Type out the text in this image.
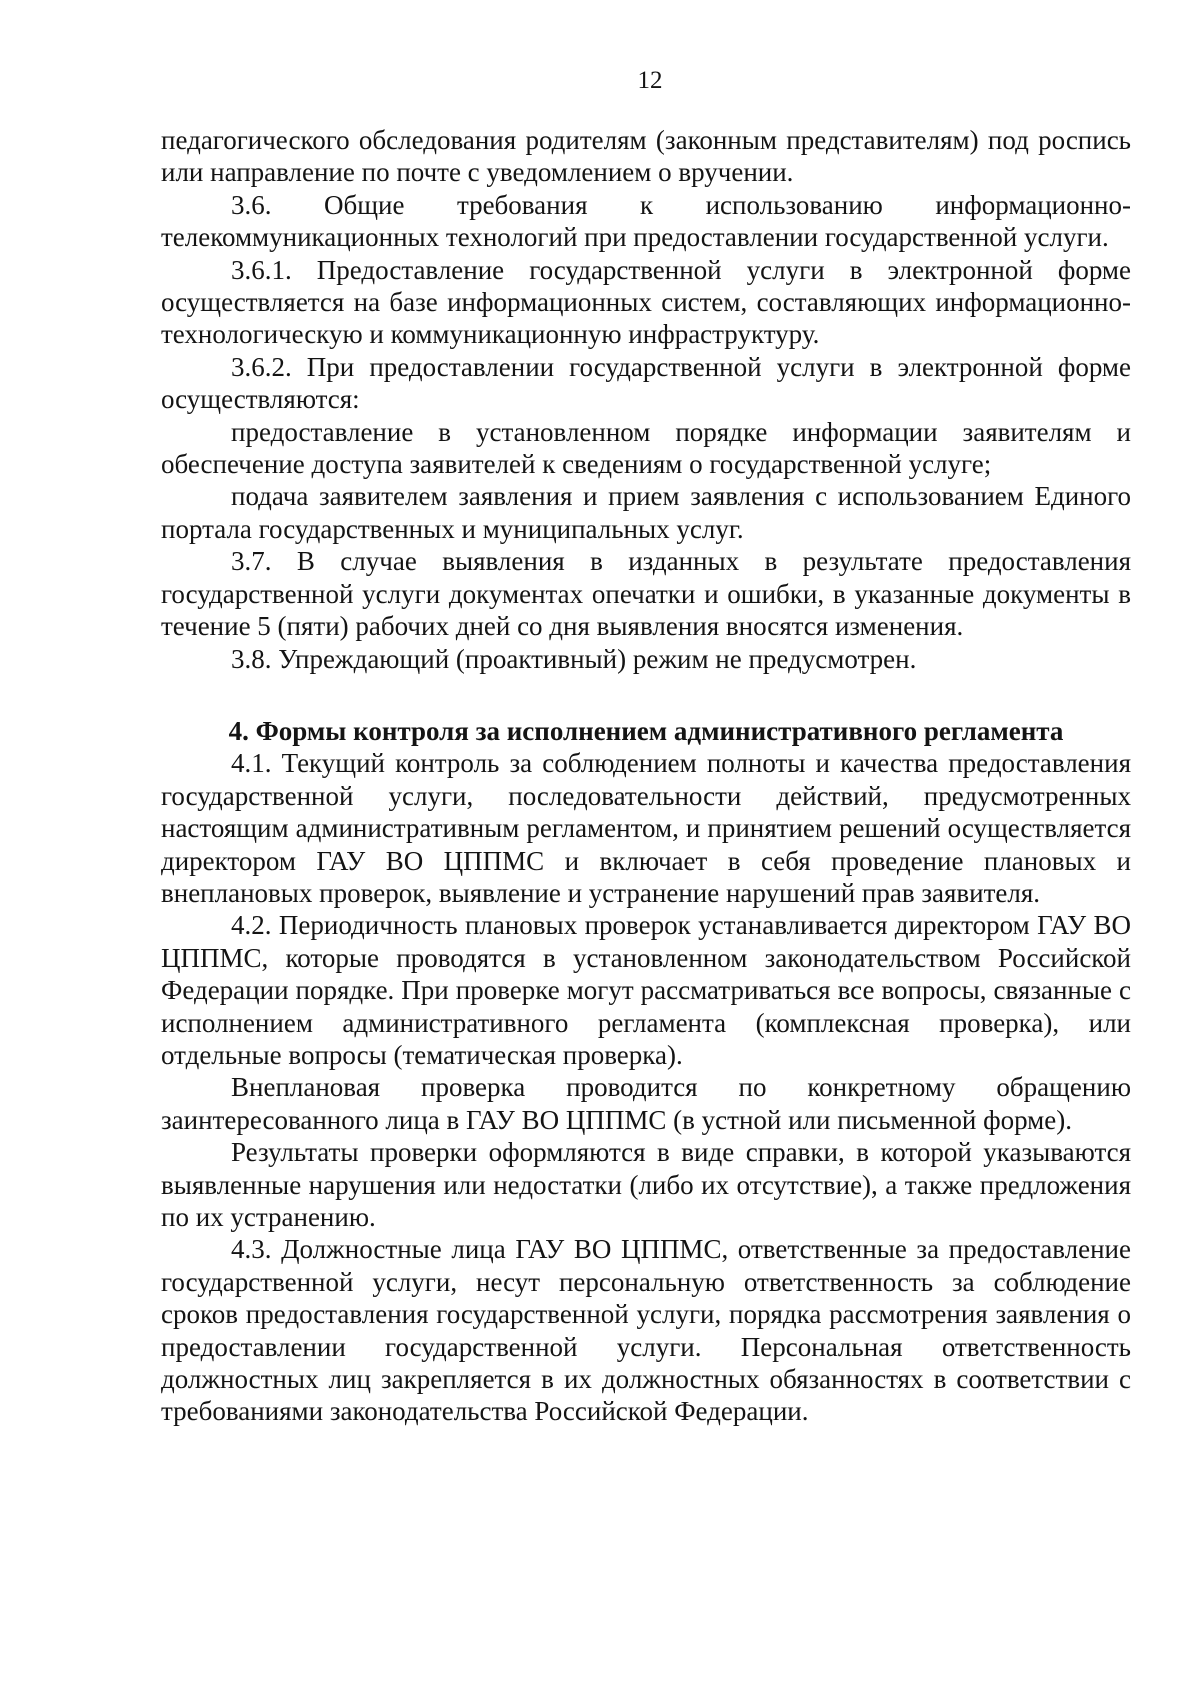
12

педагогического обследования родителям (законным представителям) под роспись или направление по почте с уведомлением о вручении.

3.6. Общие требования к использованию информационно-телекоммуникационных технологий при предоставлении государственной услуги.

3.6.1. Предоставление государственной услуги в электронной форме осуществляется на базе информационных систем, составляющих информационно-технологическую и коммуникационную инфраструктуру.

3.6.2. При предоставлении государственной услуги в электронной форме осуществляются:

предоставление в установленном порядке информации заявителям и обеспечение доступа заявителей к сведениям о государственной услуге;

подача заявителем заявления и прием заявления с использованием Единого портала государственных и муниципальных услуг.

3.7. В случае выявления в изданных в результате предоставления государственной услуги документах опечатки и ошибки, в указанные документы в течение 5 (пяти) рабочих дней со дня выявления вносятся изменения.

3.8. Упреждающий (проактивный) режим не предусмотрен.

4. Формы контроля за исполнением административного регламента

4.1. Текущий контроль за соблюдением полноты и качества предоставления государственной услуги, последовательности действий, предусмотренных настоящим административным регламентом, и принятием решений осуществляется директором ГАУ ВО ЦППМС и включает в себя проведение плановых и внеплановых проверок, выявление и устранение нарушений прав заявителя.

4.2. Периодичность плановых проверок устанавливается директором ГАУ ВО ЦППМС, которые проводятся в установленном законодательством Российской Федерации порядке. При проверке могут рассматриваться все вопросы, связанные с исполнением административного регламента (комплексная проверка), или отдельные вопросы (тематическая проверка).

Внеплановая проверка проводится по конкретному обращению заинтересованного лица в ГАУ ВО ЦППМС (в устной или письменной форме).

Результаты проверки оформляются в виде справки, в которой указываются выявленные нарушения или недостатки (либо их отсутствие), а также предложения по их устранению.

4.3. Должностные лица ГАУ ВО ЦППМС, ответственные за предоставление государственной услуги, несут персональную ответственность за соблюдение сроков предоставления государственной услуги, порядка рассмотрения заявления о предоставлении государственной услуги. Персональная ответственность должностных лиц закрепляется в их должностных обязанностях в соответствии с требованиями законодательства Российской Федерации.
